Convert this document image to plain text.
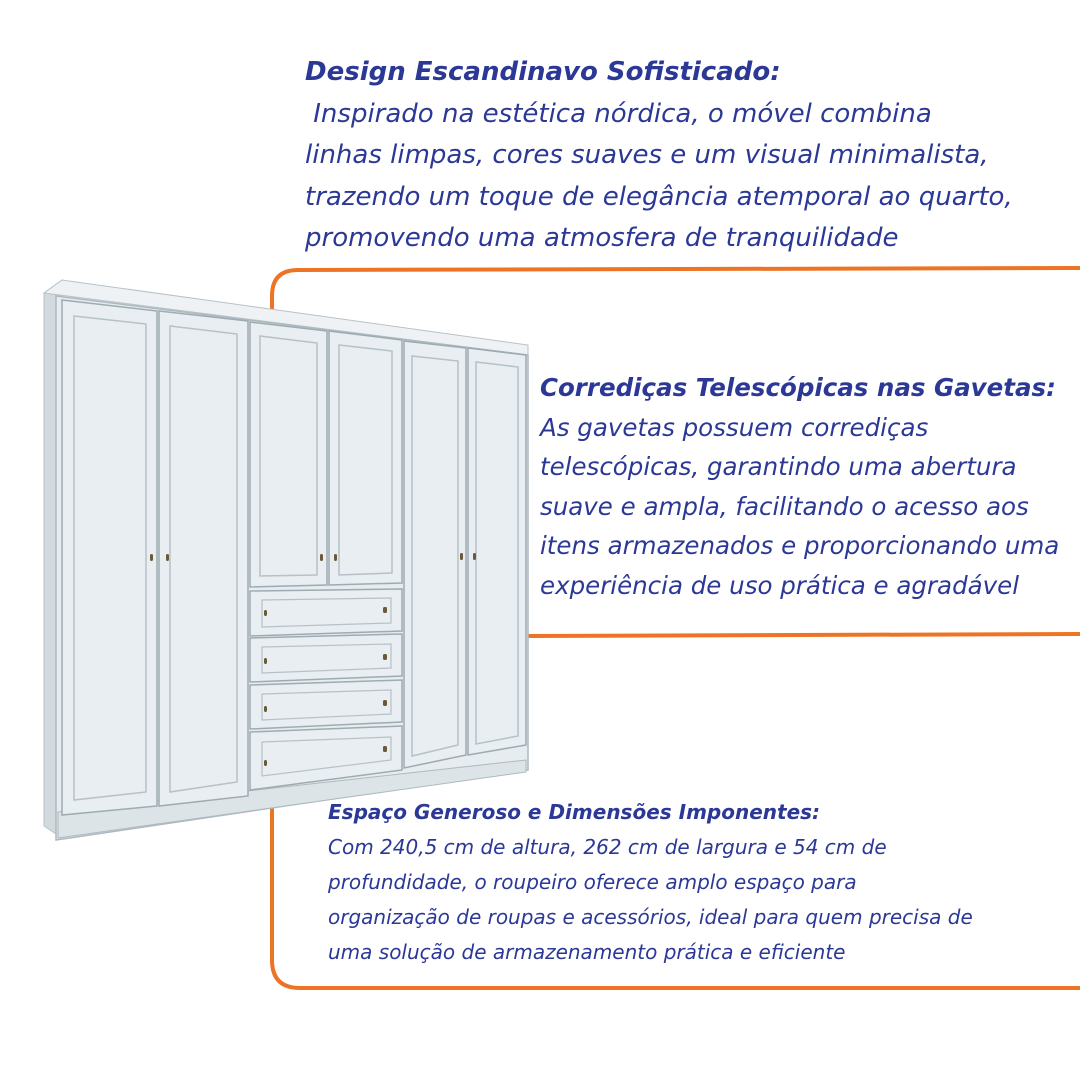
Design Escandinavo Sofisticado:
Inspirado na estética nórdica, o móvel combina
linhas limpas, cores suaves e um visual minimalista,
trazendo um toque de elegância atemporal ao quarto,
promovendo uma atmosfera de tranquilidade
Corrediças Telescópicas nas Gavetas:
As gavetas possuem corrediças
telescópicas, garantindo uma abertura
suave e ampla, facilitando o acesso aos
itens armazenados e proporcionando uma
experiência de uso prática e agradável
Espaço Generoso e Dimensões Imponentes:
Com 240,5 cm de altura, 262 cm de largura e 54 cm de
profundidade, o roupeiro oferece amplo espaço para
organização de roupas e acessórios, ideal para quem precisa de
uma solução de armazenamento prática e eficiente
